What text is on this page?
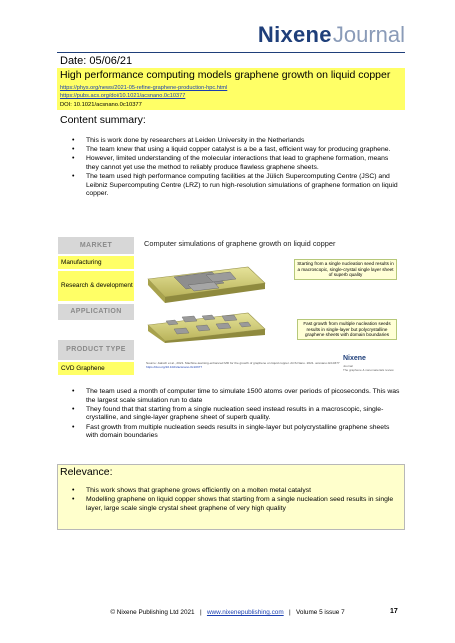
NixeneJournal
Date: 05/06/21
High performance computing models graphene growth on liquid copper
https://phys.org/news/2021-05-refine-graphene-production-hpc.html
https://pubs.acs.org/doi/10.1021/acsnano.0c10377
DOI: 10.1021/acsnano.0c10377
Content summary:
• This is work done by researchers at Leiden University in the Netherlands
• The team knew that using a liquid copper catalyst is a be a fast, efficient way for producing graphene.
• However, limited understanding of the molecular interactions that lead to graphene formation, means they cannot yet use the method to reliably produce flawless graphene sheets.
• The team used high performance computing facilities at the Jülich Supercomputing Centre (JSC) and Leibniz Supercomputing Centre (LRZ) to run high-resolution simulations of graphene formation on liquid copper.
MARKET
Manufacturing
Research & development
APPLICATION
PRODUCT TYPE
CVD Graphene
Computer simulations of graphene growth on liquid copper
Starting from a single nucleation seed results in a macroscopic, single-crystal single layer sheet of superb quality
Fast growth from multiple nucleation seeds results in single-layer but polycrystalline graphene sheets with domain boundaries
Source: Jaksch et al., 2021. Machine-learning-enhanced MD for the growth of graphene on liquid copper. ACS Nano. 2021. acsnano.0c10377
https://doi.org/10.1021/acsnano.0c10377
Nixene
Journal
The graphene & nanomaterials review
• The team used a month of computer time to simulate 1500 atoms over periods of picoseconds. This was the largest scale simulation run to date
• They found that that starting from a single nucleation seed instead results in a macroscopic, single-crystalline, and single-layer graphene sheet of superb quality.
• Fast growth from multiple nucleation seeds results in single-layer but polycrystalline graphene sheets with domain boundaries
Relevance:
• This work shows that graphene grows efficiently on a molten metal catalyst
• Modelling graphene on liquid copper shows that starting from a single nucleation seed results in single layer, large scale single crystal sheet graphene of very high quality
© Nixene Publishing Ltd 2021 | www.nixenepublishing.com | Volume 5 issue 7	17
